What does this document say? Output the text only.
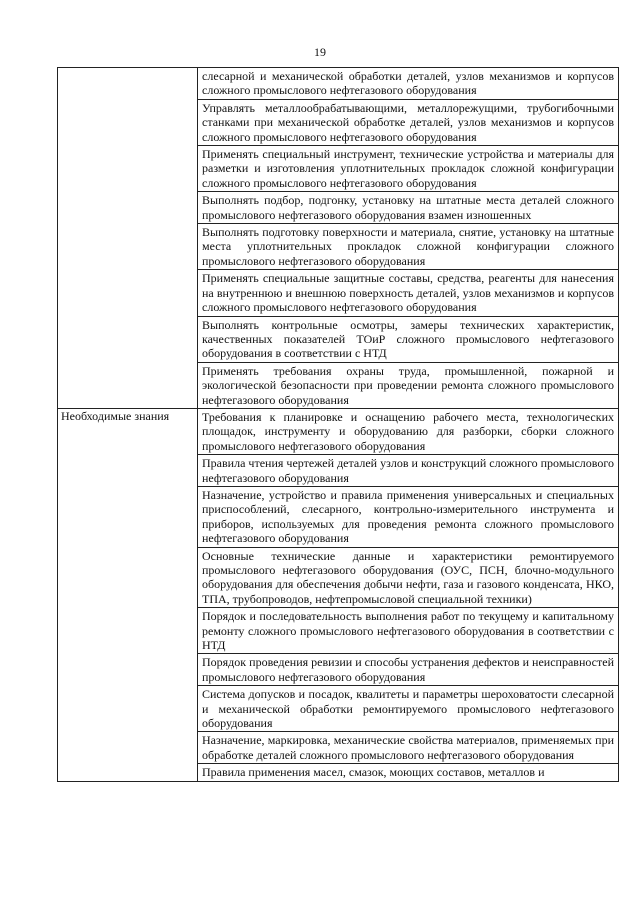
19
	слесарной и механической обработки деталей, узлов механизмов и корпусов сложного промыслового нефтегазового оборудования
	Управлять металлообрабатывающими, металлорежущими, трубогибочными станками при механической обработке деталей, узлов механизмов и корпусов сложного промыслового нефтегазового оборудования
	Применять специальный инструмент, технические устройства и материалы для разметки и изготовления уплотнительных прокладок сложной конфигурации сложного промыслового нефтегазового оборудования
	Выполнять подбор, подгонку, установку на штатные места деталей сложного промыслового нефтегазового оборудования взамен изношенных
	Выполнять подготовку поверхности и материала, снятие, установку на штатные места уплотнительных прокладок сложной конфигурации сложного промыслового нефтегазового оборудования
	Применять специальные защитные составы, средства, реагенты для нанесения на внутреннюю и внешнюю поверхность деталей, узлов механизмов и корпусов сложного промыслового нефтегазового оборудования
	Выполнять контрольные осмотры, замеры технических характеристик, качественных показателей ТОиР сложного промыслового нефтегазового оборудования в соответствии с НТД
	Применять требования охраны труда, промышленной, пожарной и экологической безопасности при проведении ремонта сложного промыслового нефтегазового оборудования
Необходимые знания	Требования к планировке и оснащению рабочего места, технологических площадок, инструменту и оборудованию для разборки, сборки сложного промыслового нефтегазового оборудования
	Правила чтения чертежей деталей узлов и конструкций сложного промыслового нефтегазового оборудования
	Назначение, устройство и правила применения универсальных и специальных приспособлений, слесарного, контрольно-измерительного инструмента и приборов, используемых для проведения ремонта сложного промыслового нефтегазового оборудования
	Основные технические данные и характеристики ремонтируемого промыслового нефтегазового оборудования (ОУС, ПСН, блочно-модульного оборудования для обеспечения добычи нефти, газа и газового конденсата, НКО, ТПА, трубопроводов, нефтепромысловой специальной техники)
	Порядок и последовательность выполнения работ по текущему и капитальному ремонту сложного промыслового нефтегазового оборудования в соответствии с НТД
	Порядок проведения ревизии и способы устранения дефектов и неисправностей промыслового нефтегазового оборудования
	Система допусков и посадок, квалитеты и параметры шероховатости слесарной и механической обработки ремонтируемого промыслового нефтегазового оборудования
	Назначение, маркировка, механические свойства материалов, применяемых при обработке деталей сложного промыслового нефтегазового оборудования
	Правила применения масел, смазок, моющих составов, металлов и
